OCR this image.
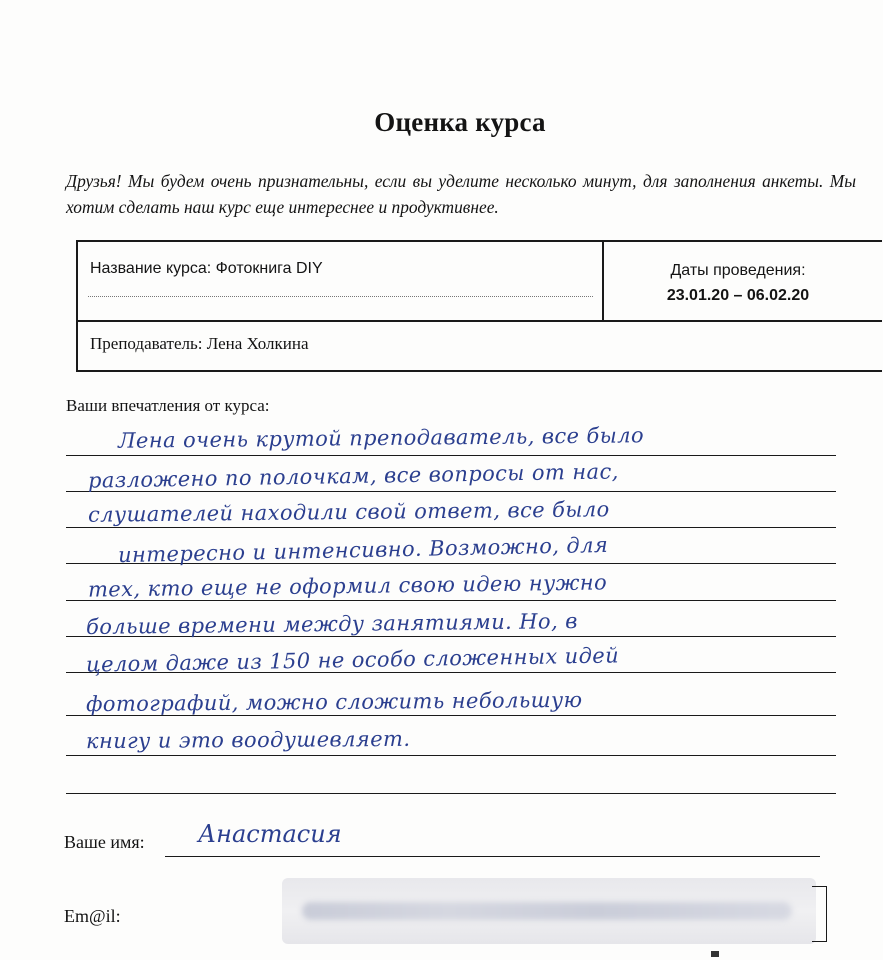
Оценка курса
Друзья! Мы будем очень признательны, если вы уделите несколько минут, для заполнения анкеты. Мы хотим сделать наш курс еще интереснее и продуктивнее.
Название курса: Фотокнига DIY	Даты проведения:
23.01.20 – 06.02.20
Преподаватель: Лена Холкина
Ваши впечатления от курса:
Лена очень крутой преподаватель, все было
разложено по полочкам, все вопросы от нас,
слушателей находили свой ответ, все было
интересно и интенсивно. Возможно, для
тех, кто еще не оформил свою идею нужно
больше времени между занятиями. Но, в
целом даже из 150 не особо сложенных идей
фотографий, можно сложить небольшую
книгу и это воодушевляет.
Ваше имя: Анастасия
Em@il:
